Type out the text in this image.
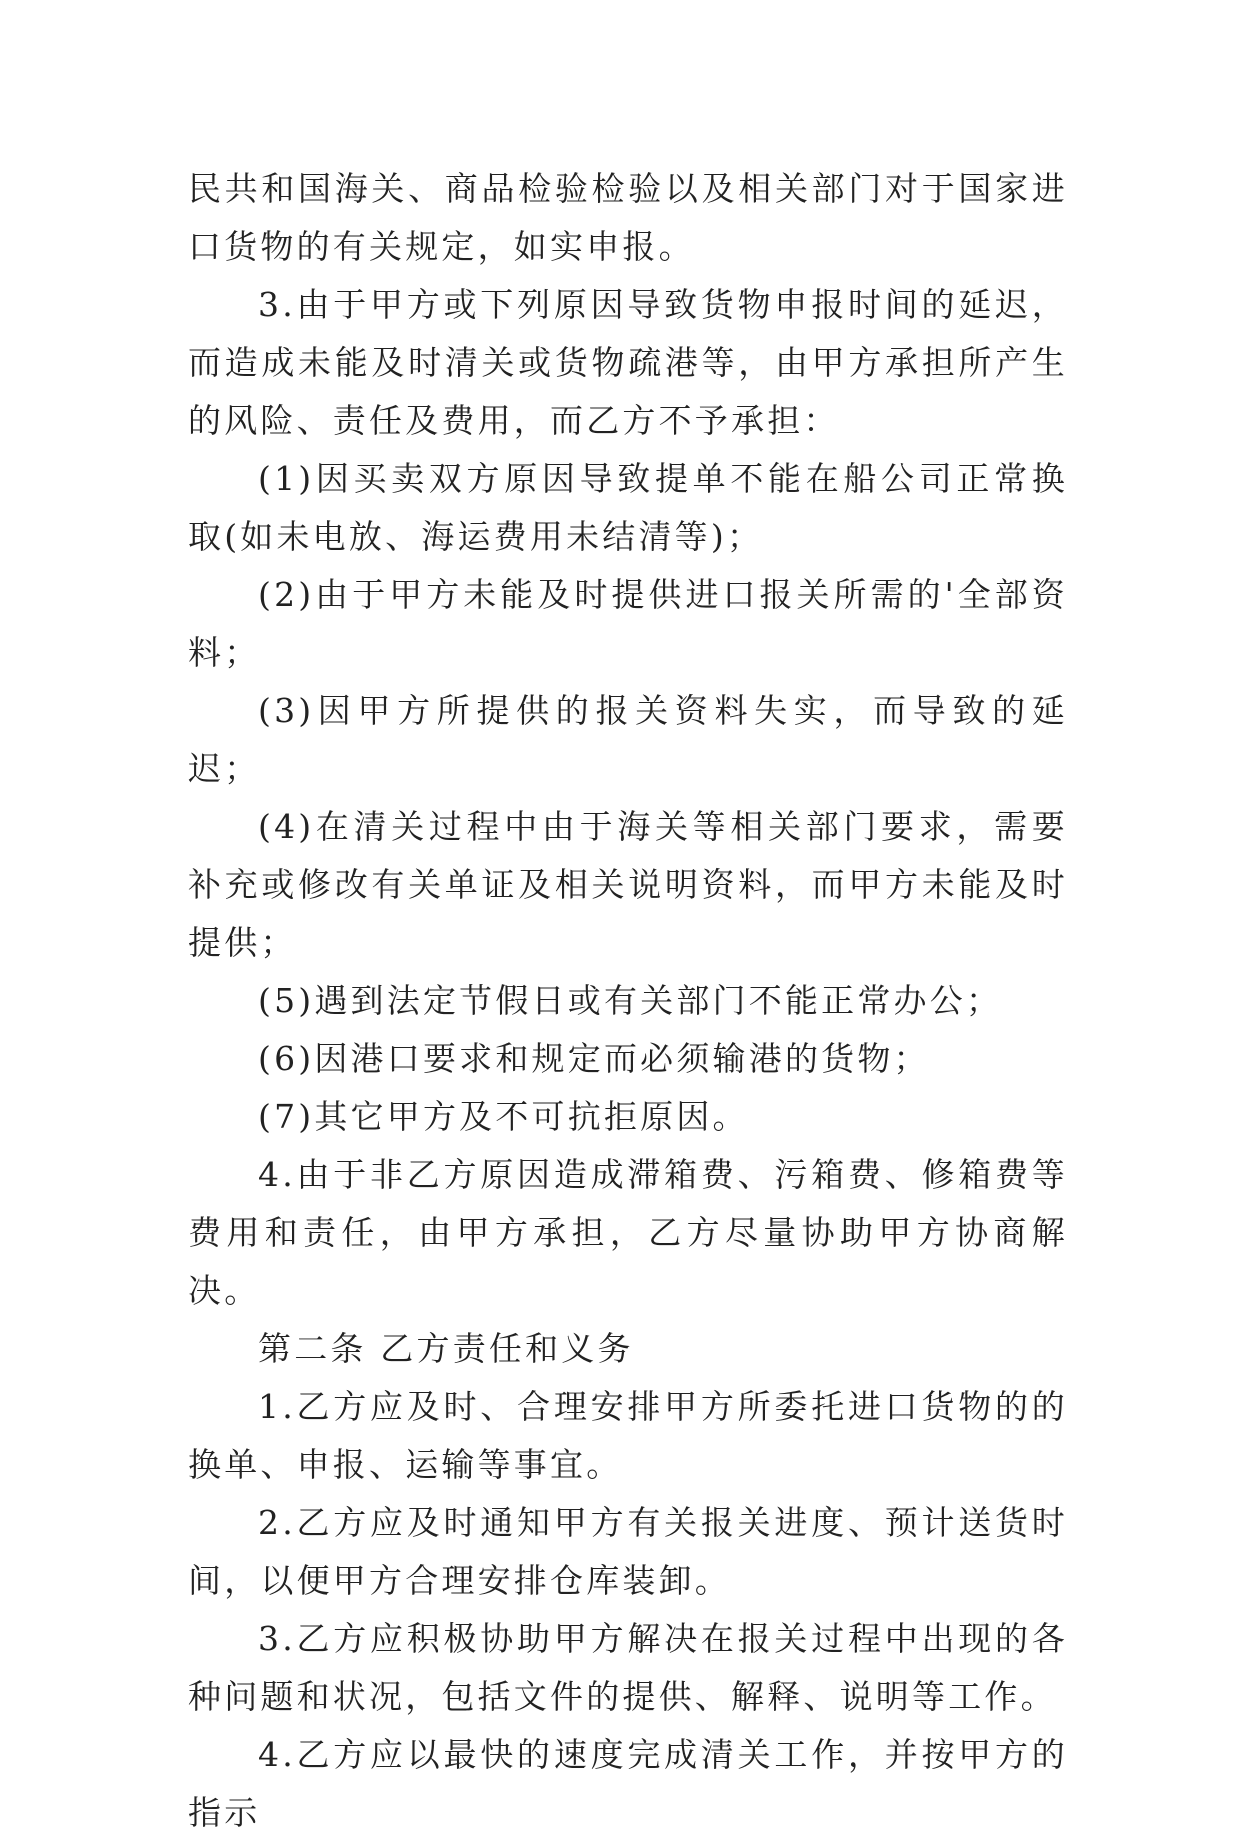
民共和国海关、商品检验检验以及相关部门对于国家进口货物的有关规定，如实申报。

3.由于甲方或下列原因导致货物申报时间的延迟，而造成未能及时清关或货物疏港等，由甲方承担所产生的风险、责任及费用，而乙方不予承担：

(1)因买卖双方原因导致提单不能在船公司正常换取(如未电放、海运费用未结清等)；

(2)由于甲方未能及时提供进口报关所需的'全部资料；

(3)因甲方所提供的报关资料失实，而导致的延迟；

(4)在清关过程中由于海关等相关部门要求，需要补充或修改有关单证及相关说明资料，而甲方未能及时提供；

(5)遇到法定节假日或有关部门不能正常办公；

(6)因港口要求和规定而必须输港的货物；

(7)其它甲方及不可抗拒原因。

4.由于非乙方原因造成滞箱费、污箱费、修箱费等费用和责任，由甲方承担，乙方尽量协助甲方协商解决。

第二条 乙方责任和义务

1.乙方应及时、合理安排甲方所委托进口货物的的换单、申报、运输等事宜。

2.乙方应及时通知甲方有关报关进度、预计送货时间，以便甲方合理安排仓库装卸。

3.乙方应积极协助甲方解决在报关过程中出现的各种问题和状况，包括文件的提供、解释、说明等工作。

4.乙方应以最快的速度完成清关工作，并按甲方的指示
